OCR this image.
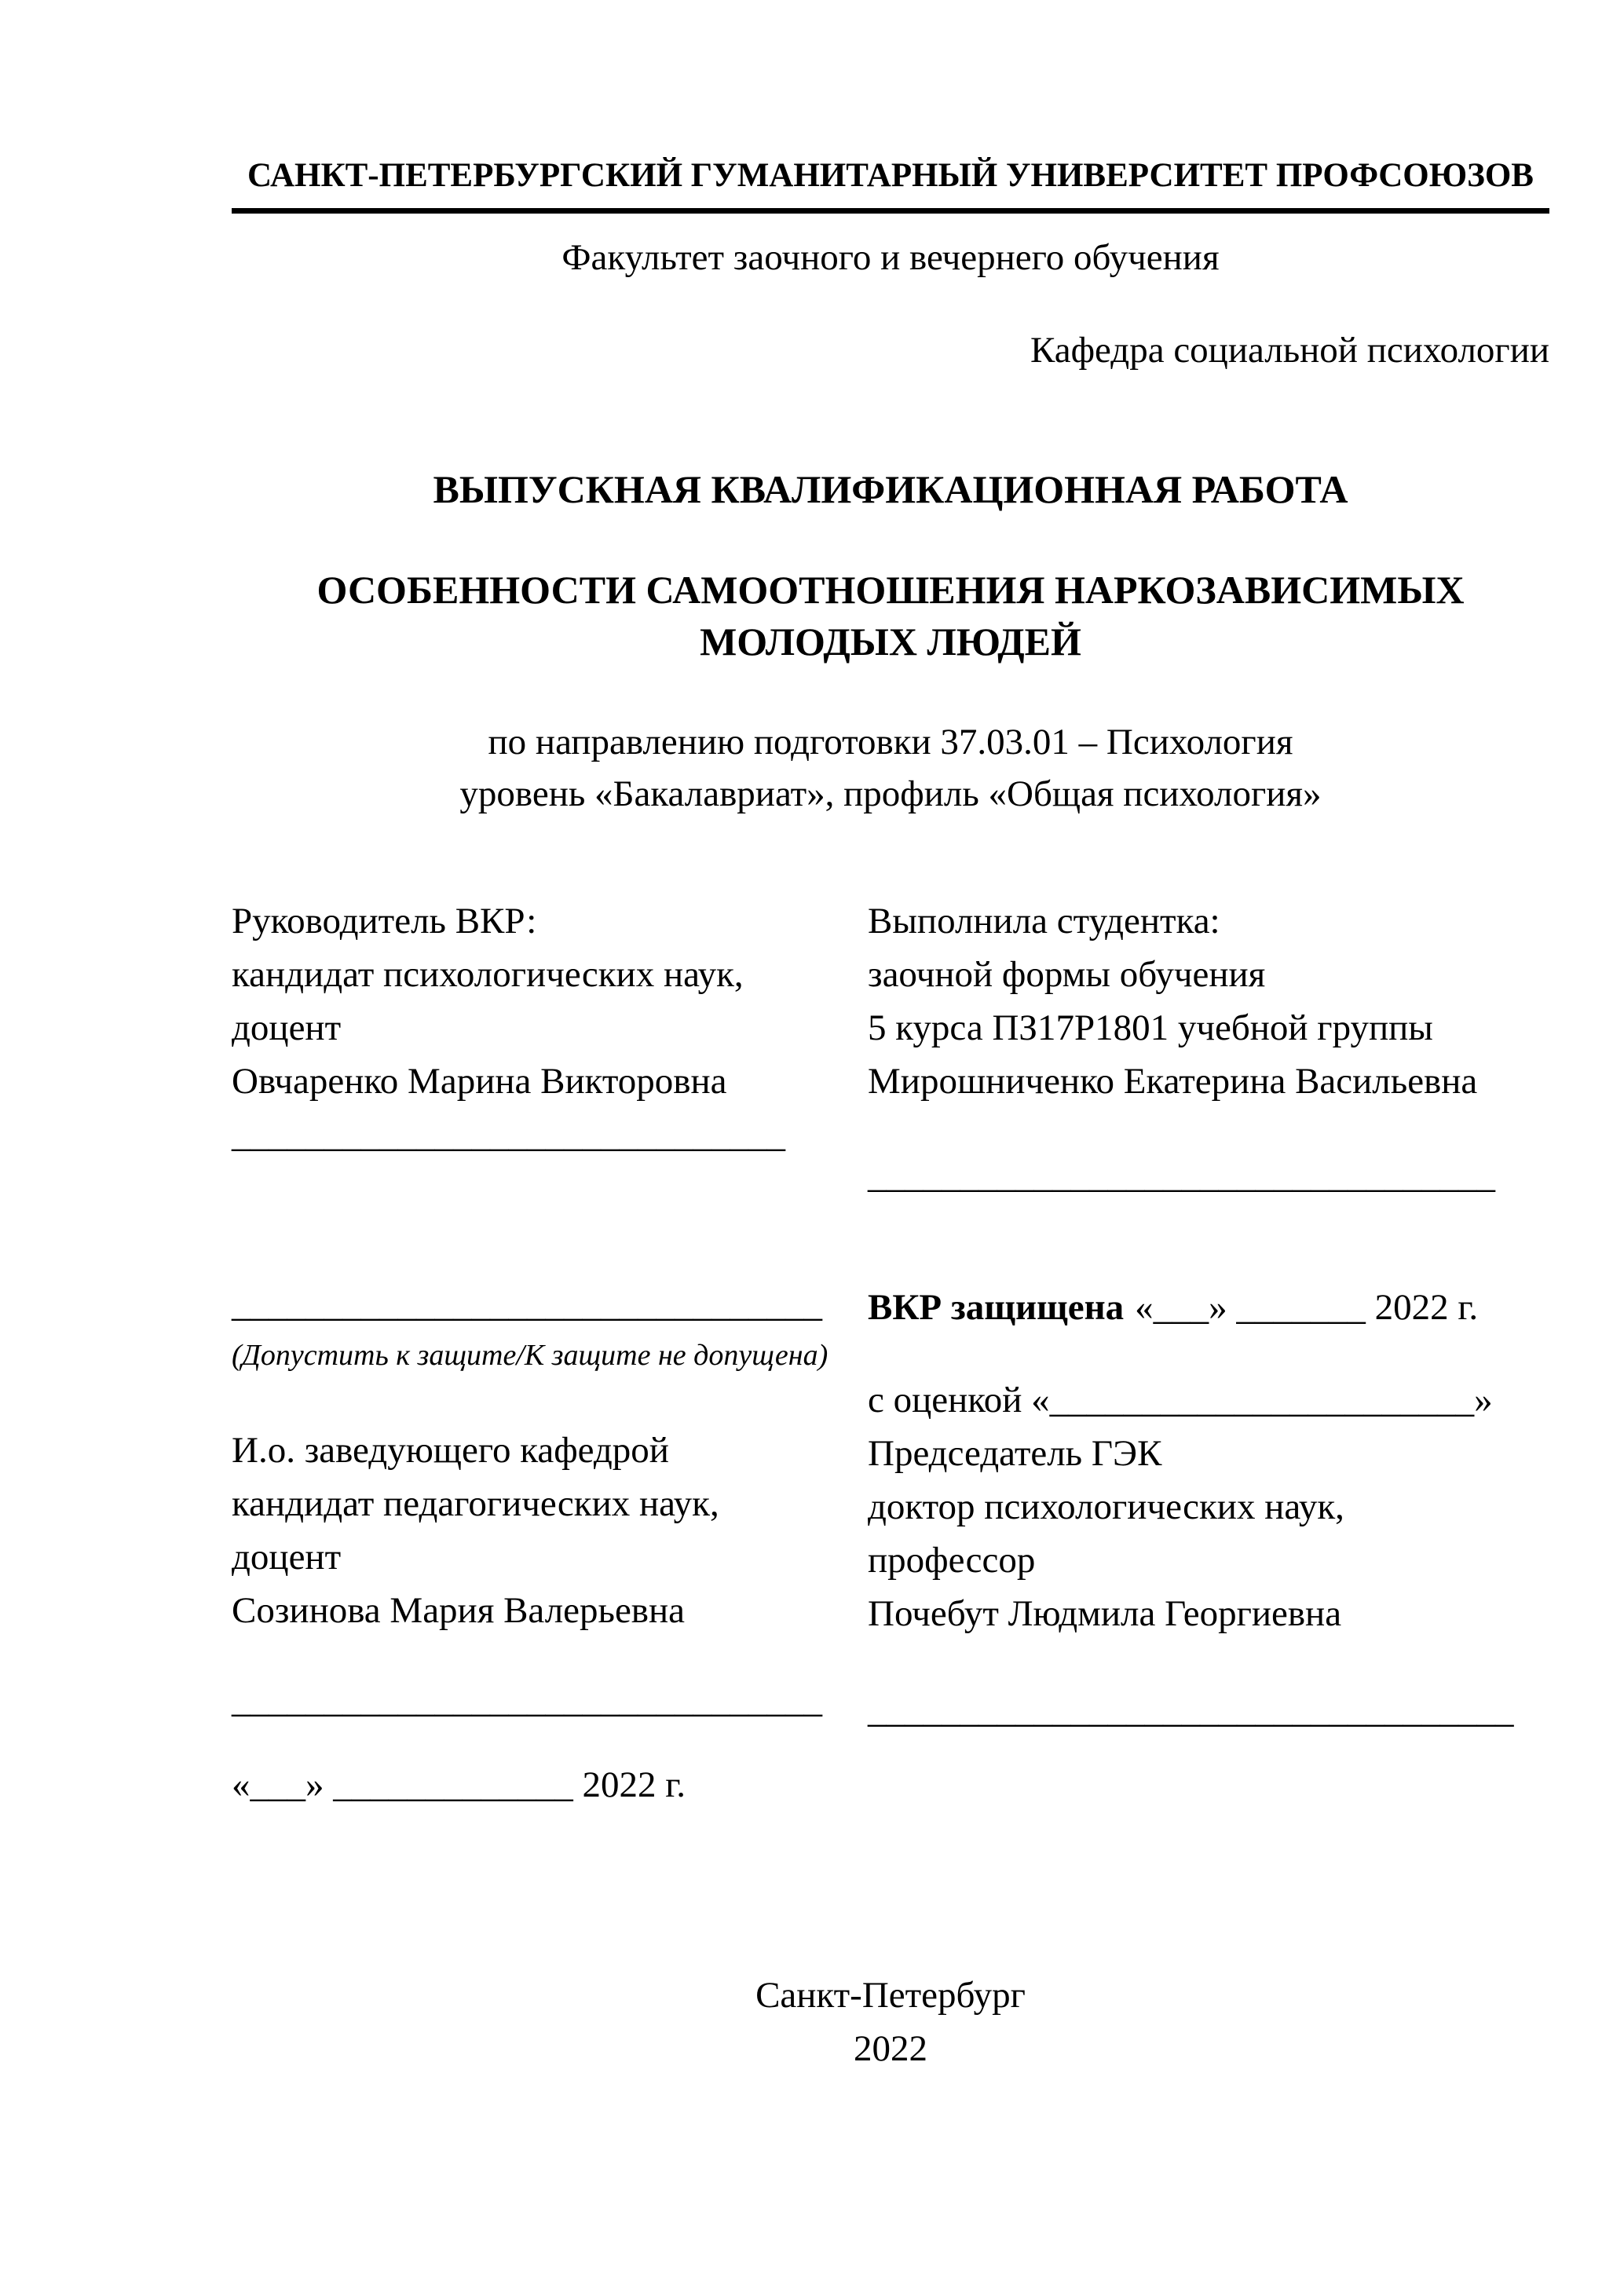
САНКТ-ПЕТЕРБУРГСКИЙ ГУМАНИТАРНЫЙ УНИВЕРСИТЕТ ПРОФСОЮЗОВ
Факультет заочного и вечернего обучения
Кафедра социальной психологии
ВЫПУСКНАЯ КВАЛИФИКАЦИОННАЯ РАБОТА
ОСОБЕННОСТИ САМООТНОШЕНИЯ НАРКОЗАВИСИМЫХ
МОЛОДЫХ ЛЮДЕЙ
по направлению подготовки 37.03.01 – Психология
уровень «Бакалавриат», профиль «Общая психология»
Руководитель ВКР:
кандидат психологических наук,
доцент
Овчаренко Марина Викторовна
______________________________
________________________________
(Допустить к защите/К защите не допущена)
И.о. заведующего кафедрой
кандидат педагогических наук,
доцент
Созинова Мария Валерьевна
________________________________
«___» _____________ 2022 г.
Выполнила студентка:
заочной формы обучения
5 курса ПЗ17Р1801 учебной группы
Мирошниченко Екатерина Васильевна
__________________________________
ВКР защищена «___» _______ 2022 г.
с оценкой «_______________________»
Председатель ГЭК
доктор психологических наук,
профессор
Почебут Людмила Георгиевна
___________________________________
Санкт-Петербург
2022
